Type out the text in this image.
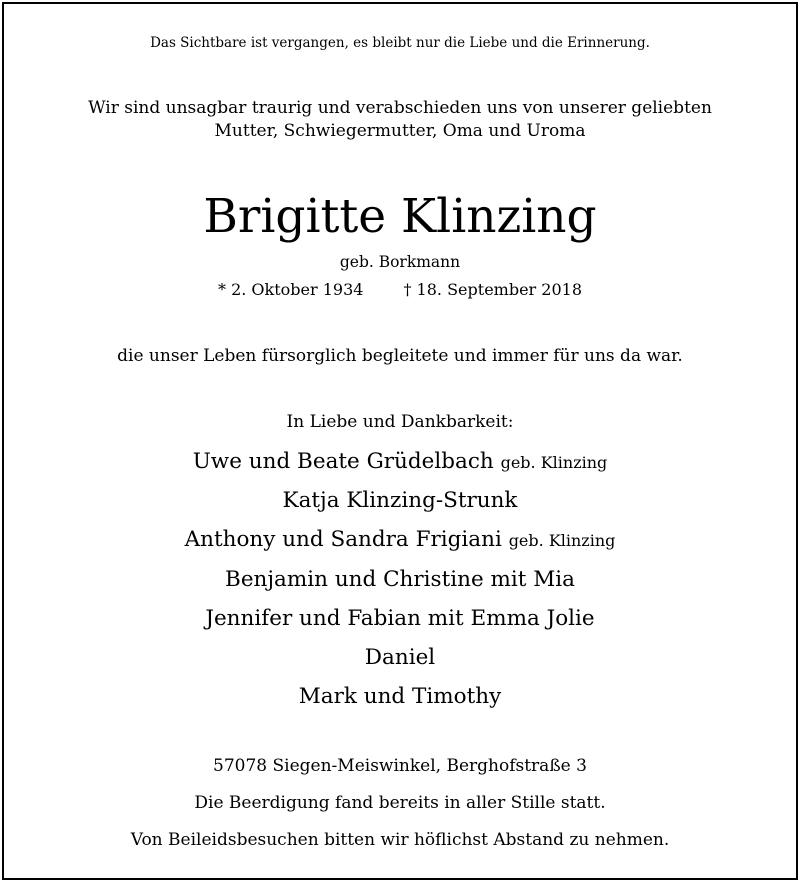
Das Sichtbare ist vergangen, es bleibt nur die Liebe und die Erinnerung.
Wir sind unsagbar traurig und verabschieden uns von unserer geliebten
Mutter, Schwiegermutter, Oma und Uroma
Brigitte Klinzing
geb. Borkmann
* 2. Oktober 1934	† 18. September 2018
die unser Leben fürsorglich begleitete und immer für uns da war.
In Liebe und Dankbarkeit:
Uwe und Beate Grüdelbach geb. Klinzing
Katja Klinzing-Strunk
Anthony und Sandra Frigiani geb. Klinzing
Benjamin und Christine mit Mia
Jennifer und Fabian mit Emma Jolie
Daniel
Mark und Timothy
57078 Siegen-Meiswinkel, Berghofstraße 3
Die Beerdigung fand bereits in aller Stille statt.
Von Beileidsbesuchen bitten wir höflichst Abstand zu nehmen.
